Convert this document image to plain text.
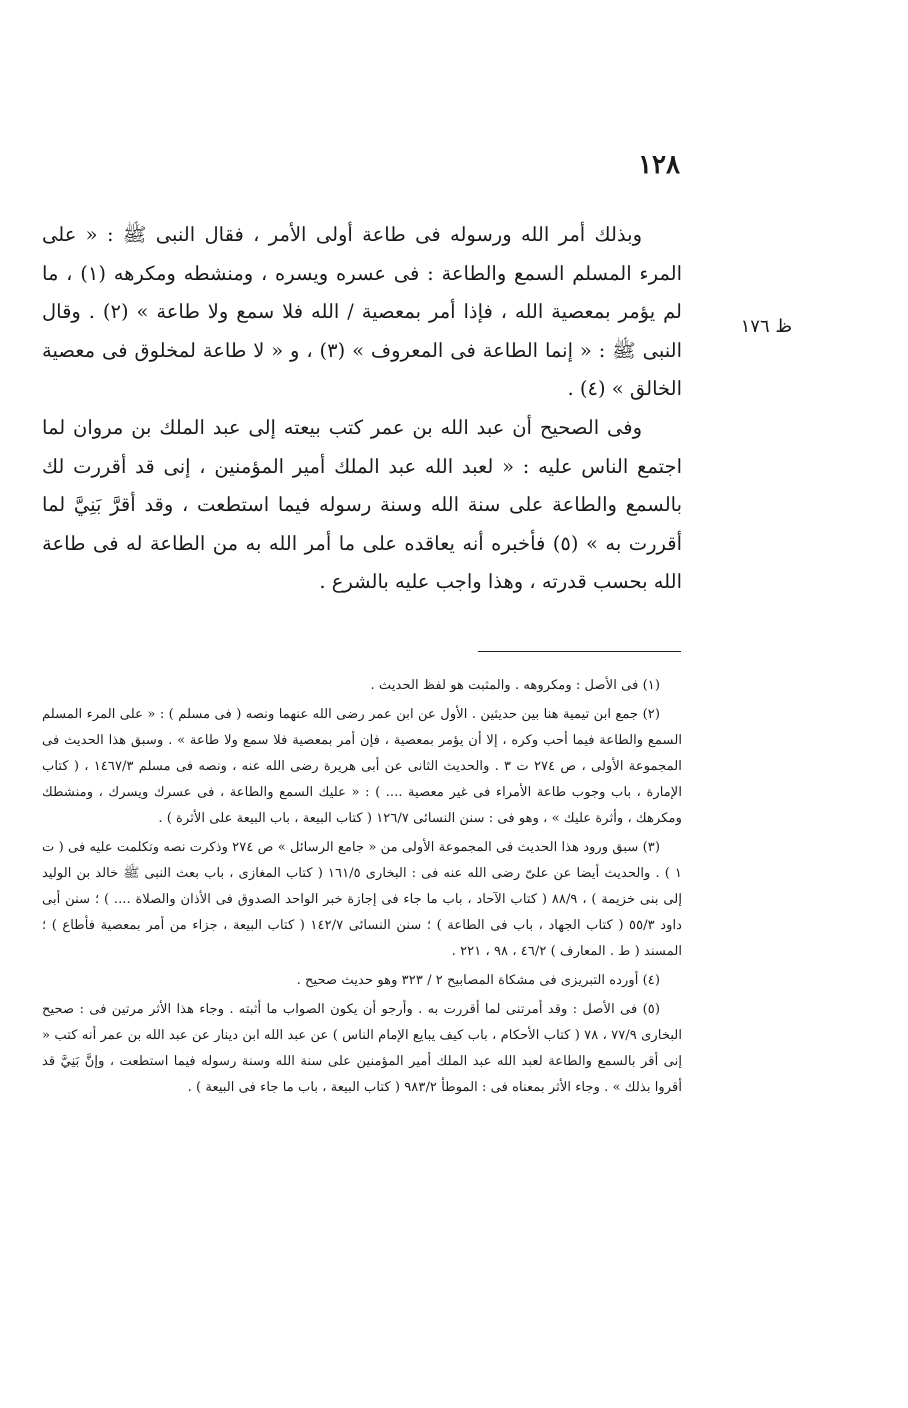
١٢٨
ظ ١٧٦

وبذلك أمر الله ورسوله فى طاعة أولى الأمر ، فقال النبى ﷺ : « على المرء المسلم السمع والطاعة : فى عسره ويسره ، ومنشطه ومكرهه (١) ، ما لم يؤمر بمعصية الله ، فإذا أمر بمعصية / الله فلا سمع ولا طاعة » (٢) . وقال النبى ﷺ : « إنما الطاعة فى المعروف » (٣) ، و « لا طاعة لمخلوق فى معصية الخالق » (٤) .

وفى الصحيح أن عبد الله بن عمر كتب بيعته إلى عبد الملك بن مروان لما اجتمع الناس عليه : « لعبد الله عبد الملك أمير المؤمنين ، إنى قد أقررت لك بالسمع والطاعة على سنة الله وسنة رسوله فيما استطعت ، وقد أقرَّ بَنِيَّ لما أقررت به » (٥) فأخبره أنه يعاقده على ما أمر الله به من الطاعة له فى طاعة الله بحسب قدرته ، وهذا واجب عليه بالشرع .

(١) فى الأصل : ومكروهه . والمثبت هو لفظ الحديث .

(٢) جمع ابن تيمية هنا بين حديثين . الأول عن ابن عمر رضى الله عنهما ونصه ( فى مسلم ) : « على المرء المسلم السمع والطاعة فيما أحب وكره ، إلا أن يؤمر بمعصية ، فإن أمر بمعصية فلا سمع ولا طاعة » . وسبق هذا الحديث فى المجموعة الأولى ، ص ٢٧٤ ت ٣ . والحديث الثانى عن أبى هريرة رضى الله عنه ، ونصه فى مسلم ١٤٦٧/٣ ، ( كتاب الإمارة ، باب وجوب طاعة الأمراء فى غير معصية .... ) : « عليك السمع والطاعة ، فى عسرك ويسرك ، ومنشطك ومكرهك ، وأثرة عليك » ، وهو فى : سنن النسائى ١٢٦/٧ ( كتاب البيعة ، باب البيعة على الأثرة ) .

(٣) سبق ورود هذا الحديث فى المجموعة الأولى من « جامع الرسائل » ص ٢٧٤ وذكرت نصه وتكلمت عليه فى ( ت ١ ) . والحديث أيضا عن علىّ رضى الله عنه فى : البخارى ١٦١/٥ ( كتاب المغازى ، باب بعث النبى ﷺ خالد بن الوليد إلى بنى خزيمة ) ، ٨٨/٩ ( كتاب الآحاد ، باب ما جاء فى إجازة خبر الواحد الصدوق فى الأذان والصلاة .... ) ؛ سنن أبى داود ٥٥/٣ ( كتاب الجهاد ، باب فى الطاعة ) ؛ سنن النسائى ١٤٢/٧ ( كتاب البيعة ، جزاء من أمر بمعصية فأطاع ) ؛ المسند ( ط . المعارف ) ٤٦/٢ ، ٩٨ ، ٢٢١ .

(٤) أورده التبريزى فى مشكاة المصابيح ٢ / ٣٢٣ وهو حديث صحيح .

(٥) فى الأصل : وقد أمرتنى لما أقررت به . وأرجو أن يكون الصواب ما أثبته . وجاء هذا الأثر مرتين فى : صحيح البخارى ٧٧/٩ ، ٧٨ ( كتاب الأحكام ، باب كيف يبايع الإمام الناس ) عن عبد الله ابن دينار عن عبد الله بن عمر أنه كتب « إنى أقر بالسمع والطاعة لعبد الله عبد الملك أمير المؤمنين على سنة الله وسنة رسوله فيما استطعت ، وإنَّ بَنِيَّ قد أقروا بذلك » . وجاء الأثر بمعناه فى : الموطأ ٩٨٣/٢ ( كتاب البيعة ، باب ما جاء فى البيعة ) .
